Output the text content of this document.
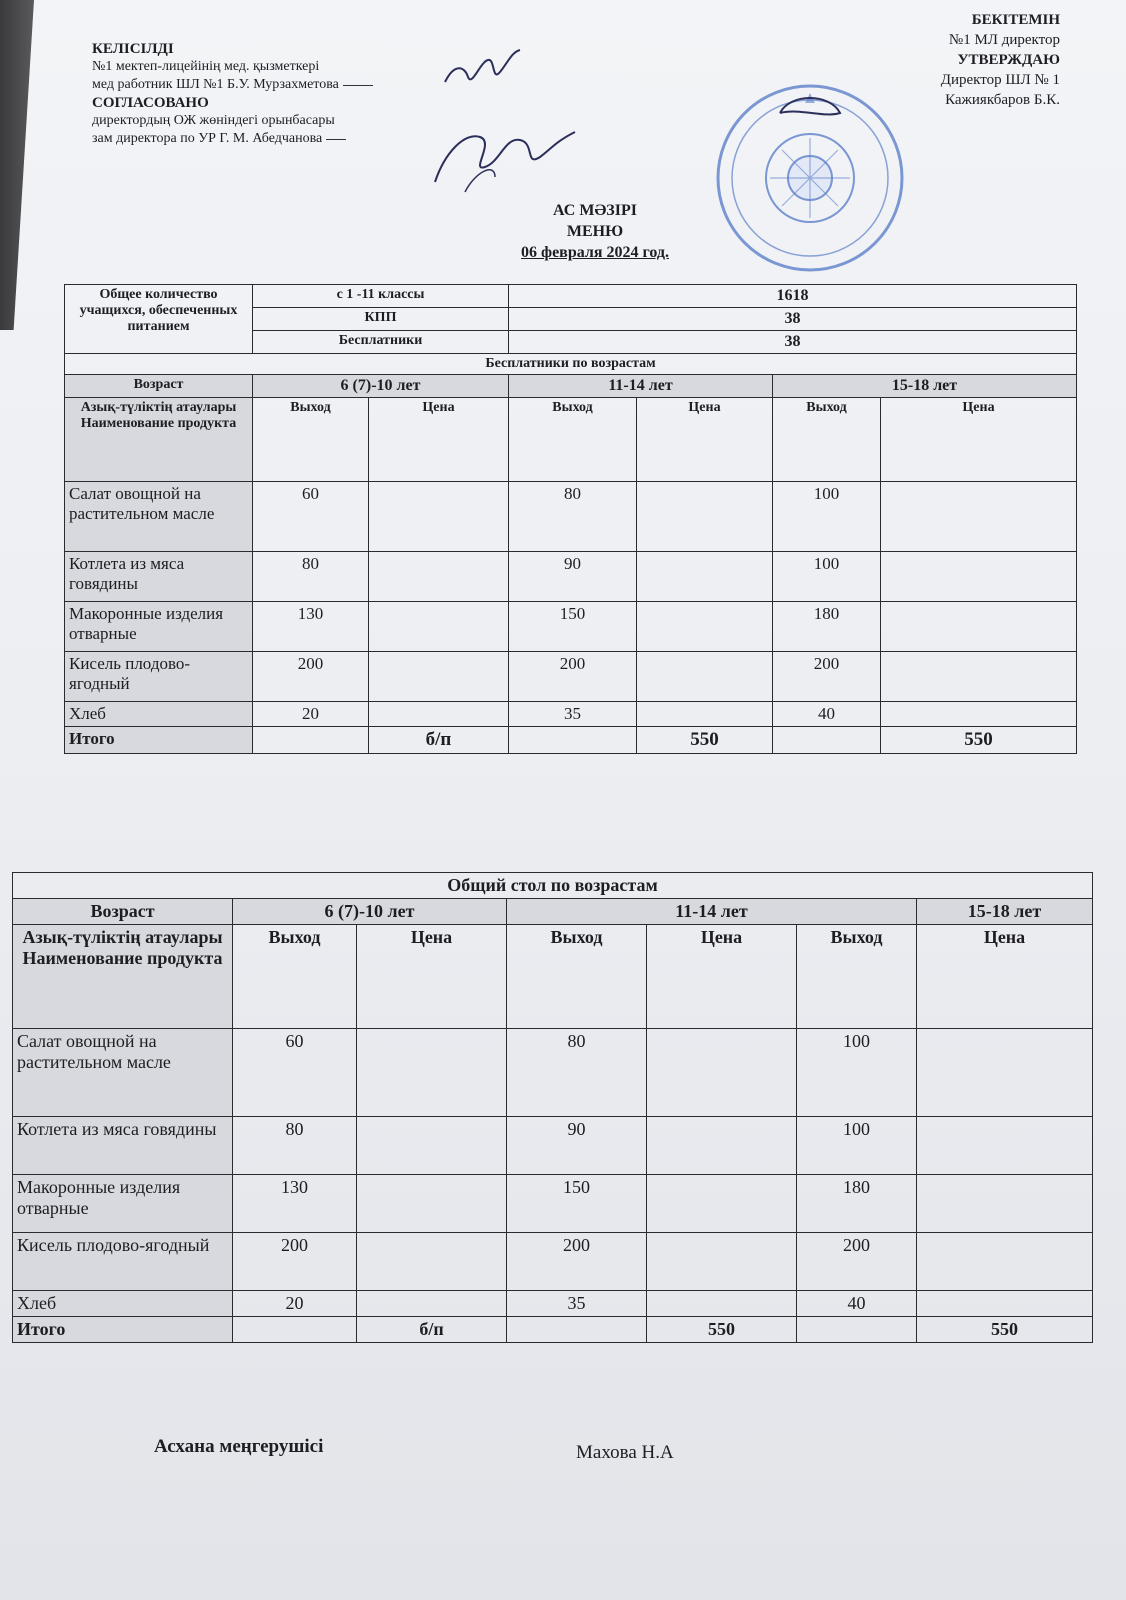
КЕЛІСІЛДІ
№1 мектеп-лицейінің мед. қызметкері
мед работник ШЛ №1 Б.У. Мурзахметова
СОГЛАСОВАНО
директордың ОЖ жөніндегі орынбасары
зам директора по УР Г. М. Абедчанова
БЕКІТЕМІН
№1 МЛ директор
УТВЕРЖДАЮ
Директор ШЛ № 1
Кажиякбаров Б.К.
АС МӘЗІРІ
МЕНЮ
06 февраля 2024 год.
Общее количество учащихся, обеспеченных питанием	с 1 -11 классы		1618			
	КПП		38			
	Бесплатники		38			
Бесплатники по возрастам						
Возраст	6 (7)-10 лет		11-14 лет		15-18 лет	
Азық-түліктің атаулары Наименование продукта	Выход	Цена	Выход	Цена	Выход	Цена
Салат овощной на растительном масле	60		80		100	
Котлета из мяса говядины	80		90		100	
Макоронные изделия отварные	130		150		180	
Кисель плодово-ягодный	200		200		200	
Хлеб	20		35		40	
Итого		б/п		550		550
Общий стол по возрастам						
Возраст	6 (7)-10 лет		11-14 лет			15-18 лет
Азық-түліктің атаулары Наименование продукта	Выход	Цена	Выход	Цена	Выход	Цена
Салат овощной на растительном масле	60		80		100	
Котлета из мяса говядины	80		90		100	
Макоронные изделия отварные	130		150		180	
Кисель плодово-ягодный	200		200		200	
Хлеб	20		35		40	
Итого		б/п		550		550
Асхана меңгерушісі	Махова Н.А
